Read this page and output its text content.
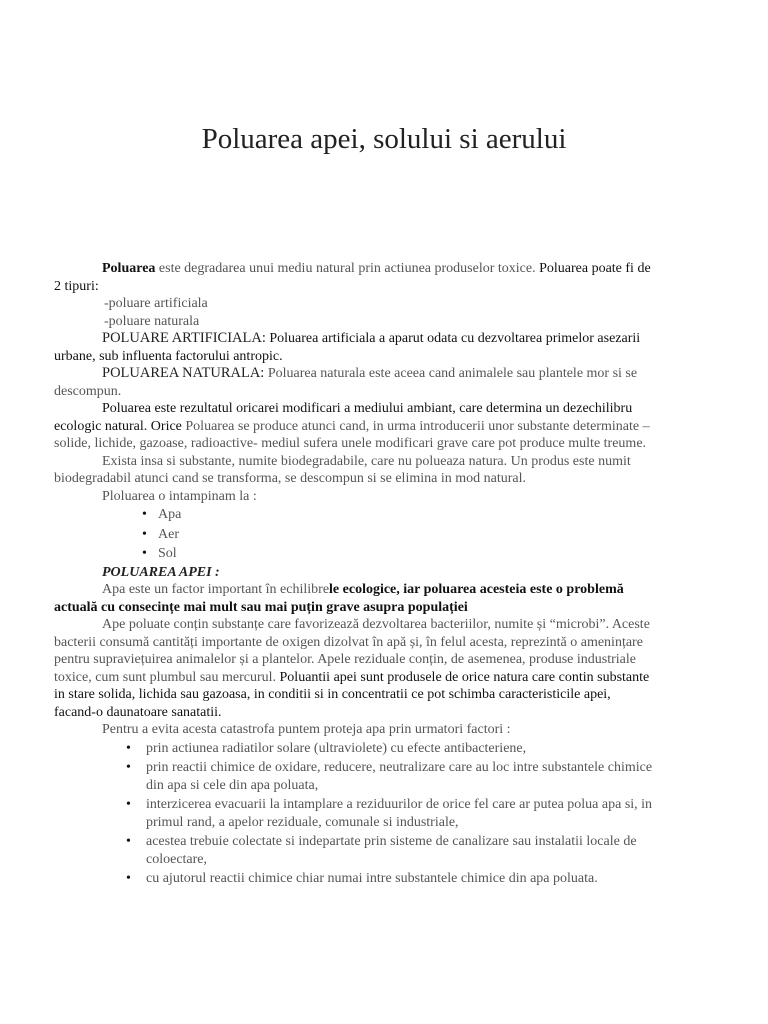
Poluarea apei, solului si aerului

Poluarea este degradarea unui mediu natural prin actiunea produselor toxice. Poluarea poate fi de 2 tipuri:

-poluare artificiala

-poluare naturala

POLUARE ARTIFICIALA: Poluarea artificiala a aparut odata cu dezvoltarea primelor asezarii urbane, sub influenta factorului antropic.

POLUAREA NATURALA: Poluarea naturala este aceea cand animalele sau plantele mor si se descompun.

Poluarea este rezultatul oricarei modificari a mediului ambiant, care determina un dezechilibru ecologic natural. Orice Poluarea se produce atunci cand, in urma introducerii unor substante determinate – solide, lichide, gazoase, radioactive- mediul sufera unele modificari grave care pot produce multe treume.

Exista insa si substante, numite biodegradabile, care nu polueaza natura. Un produs este numit biodegradabil atunci cand se transforma, se descompun si se elimina in mod natural.

Ploluarea o intampinam la :

• Apa
• Aer
• Sol

POLUAREA APEI :

Apa este un factor important în echilibrele ecologice, iar poluarea acesteia este o problemă actuală cu consecințe mai mult sau mai puțin grave asupra populației

Ape poluate conțin substanțe care favorizează dezvoltarea bacteriilor, numite și “microbi”. Aceste bacterii consumă cantități importante de oxigen dizolvat în apă și, în felul acesta, reprezintă o amenințare pentru supraviețuirea animalelor și a plantelor. Apele reziduale conțin, de asemenea, produse industriale toxice, cum sunt plumbul sau mercurul. Poluantii apei sunt produsele de orice natura care contin substante in stare solida, lichida sau gazoasa, in conditii si in concentratii ce pot schimba caracteristicile apei, facand-o daunatoare sanatatii.

Pentru a evita acesta catastrofa puntem proteja apa prin urmatori factori :

• prin actiunea radiatilor solare (ultraviolete) cu efecte antibacteriene,
• prin reactii chimice de oxidare, reducere, neutralizare care au loc intre substantele chimice din apa si cele din apa poluata,
• interzicerea evacuarii la intamplare a reziduurilor de orice fel care ar putea polua apa si, in primul rand, a apelor reziduale, comunale si industriale,
• acestea trebuie colectate si indepartate prin sisteme de canalizare sau instalatii locale de coloectare,
• cu ajutorul reactii chimice chiar numai intre substantele chimice din apa poluata.
